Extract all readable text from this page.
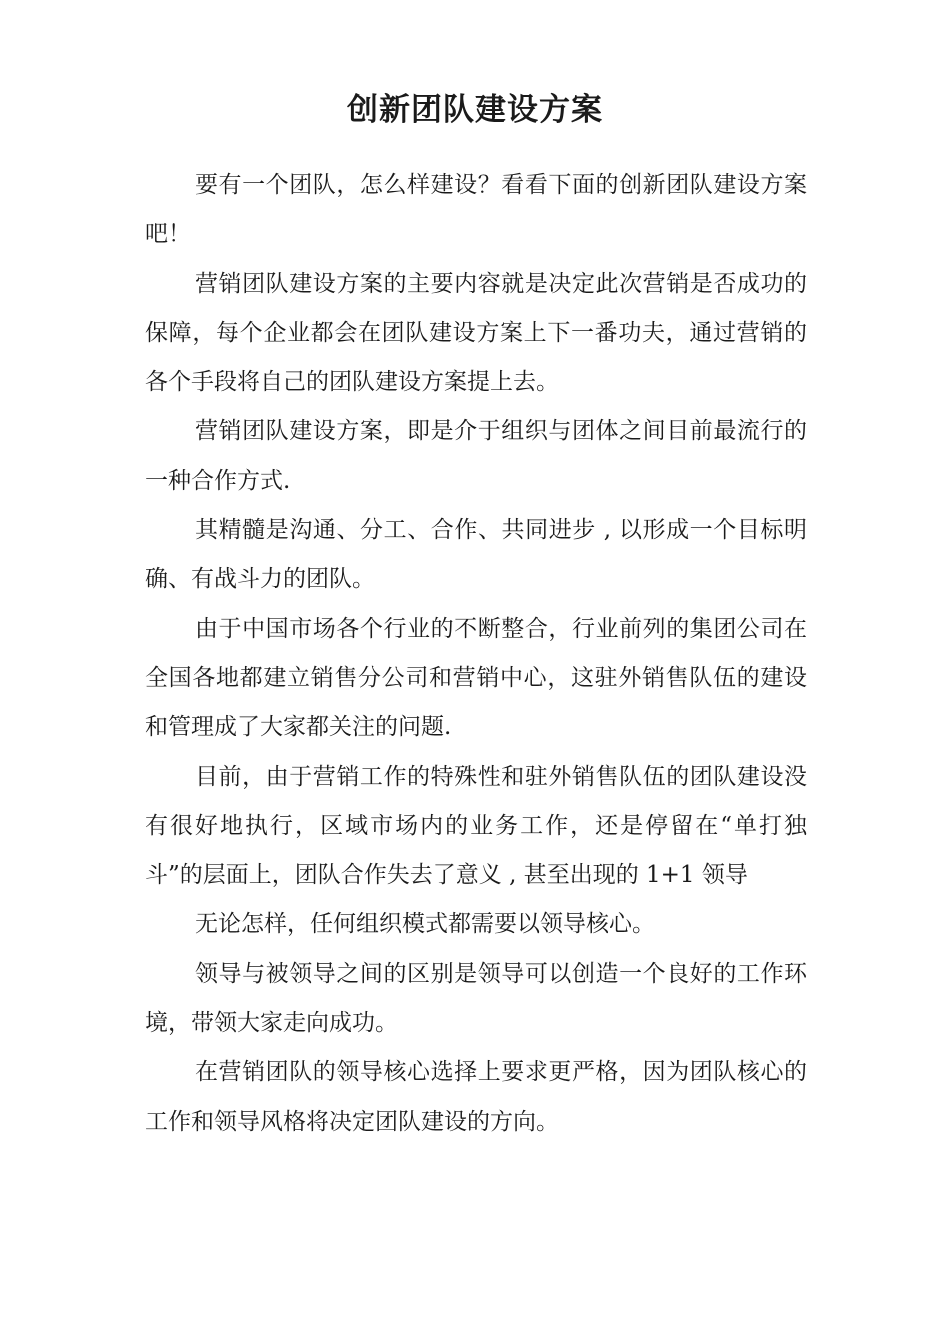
创新团队建设方案

要有一个团队，怎么样建设？看看下面的创新团队建设方案吧！

营销团队建设方案的主要内容就是决定此次营销是否成功的保障，每个企业都会在团队建设方案上下一番功夫，通过营销的各个手段将自己的团队建设方案提上去。

营销团队建设方案，即是介于组织与团体之间目前最流行的一种合作方式.

其精髓是沟通、分工、合作、共同进步 , 以形成一个目标明确、有战斗力的团队。

由于中国市场各个行业的不断整合，行业前列的集团公司在全国各地都建立销售分公司和营销中心，这驻外销售队伍的建设和管理成了大家都关注的问题.

目前，由于营销工作的特殊性和驻外销售队伍的团队建设没有很好地执行，区域市场内的业务工作，还是停留在“单打独斗”的层面上，团队合作失去了意义 , 甚至出现的 1+1 领导

无论怎样，任何组织模式都需要以领导核心。

领导与被领导之间的区别是领导可以创造一个良好的工作环境，带领大家走向成功。

在营销团队的领导核心选择上要求更严格，因为团队核心的工作和领导风格将决定团队建设的方向。
